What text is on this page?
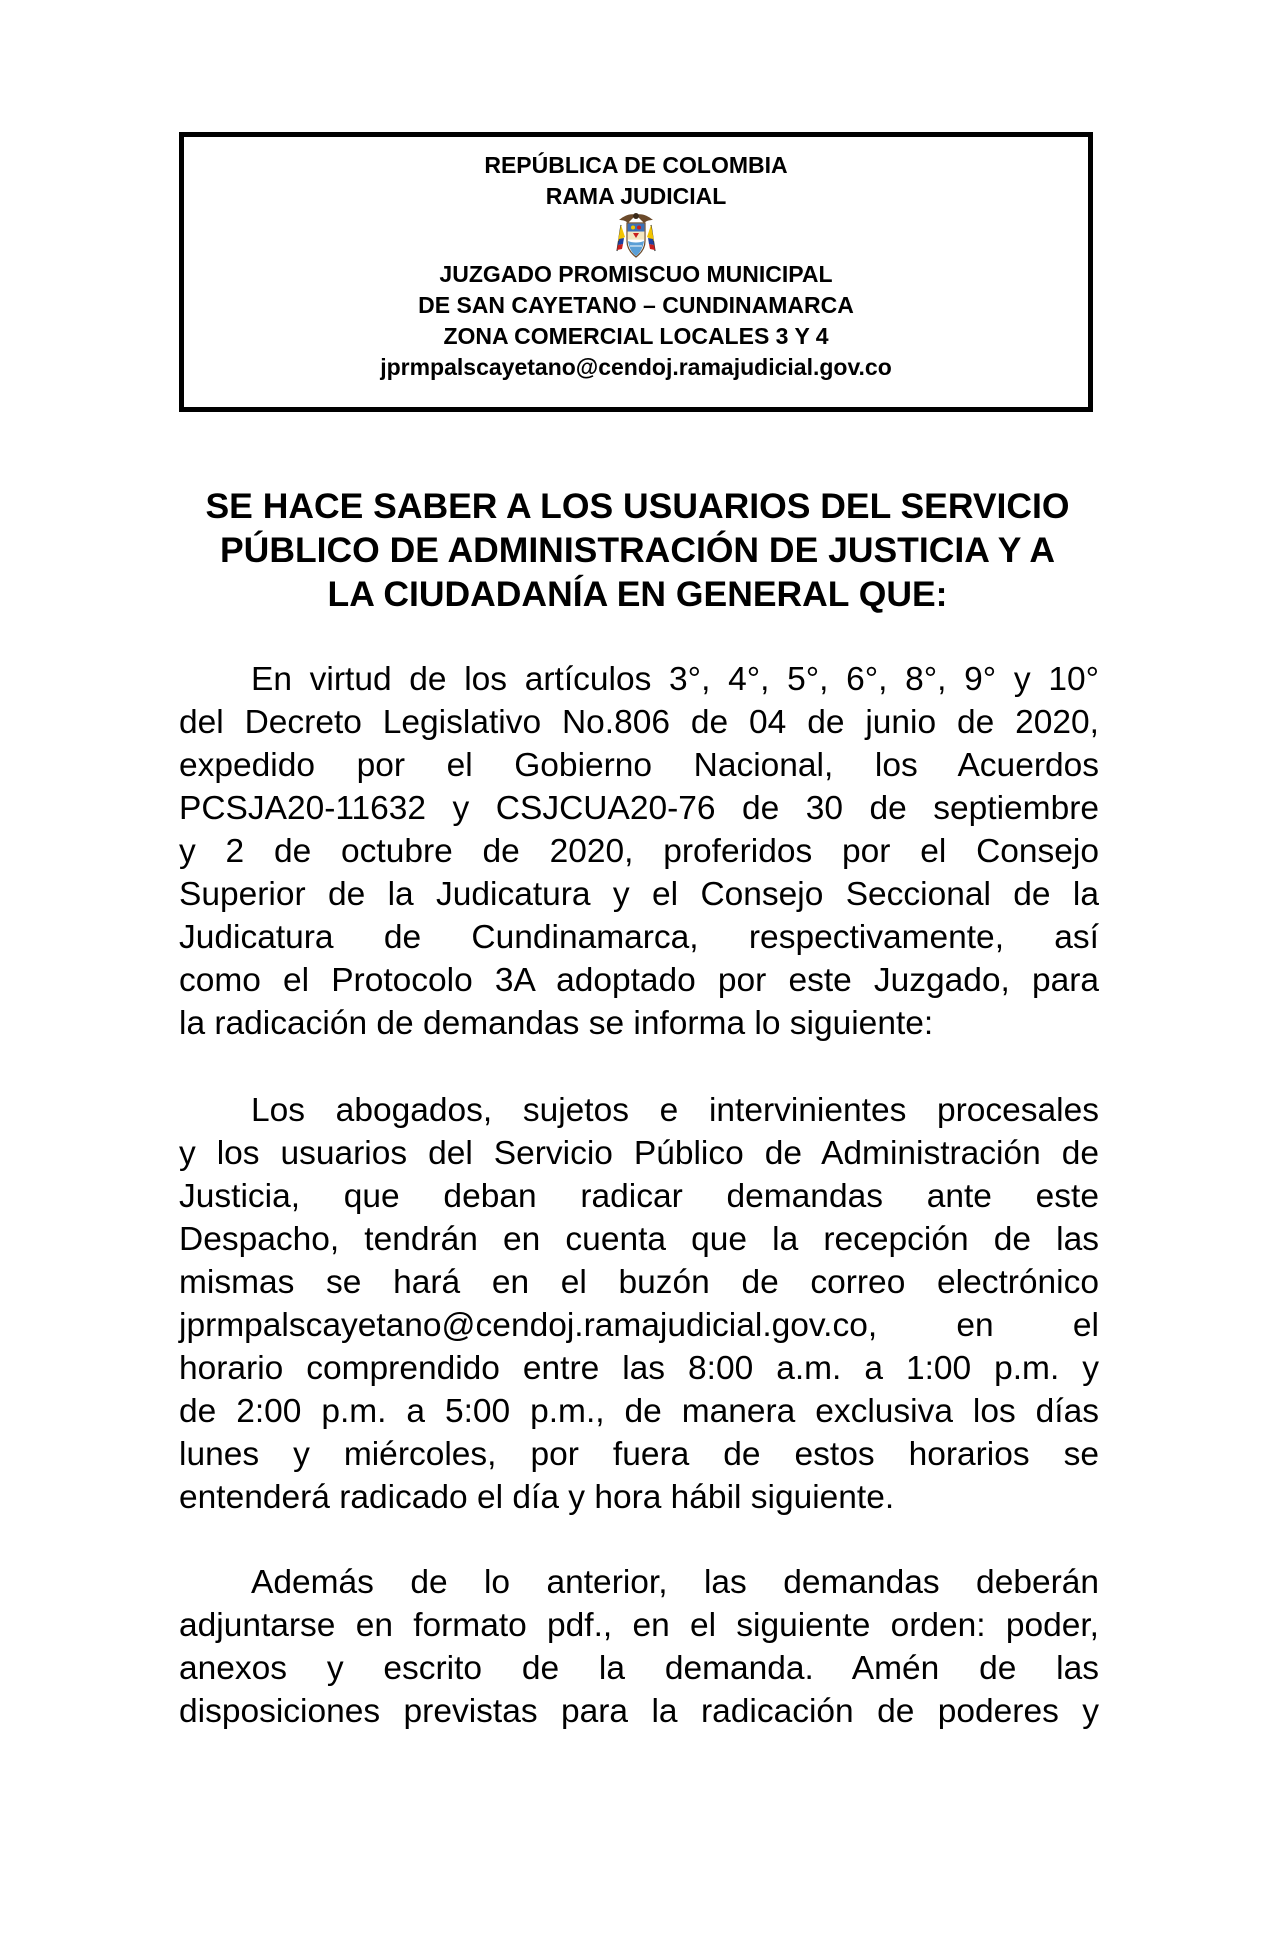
REPÚBLICA DE COLOMBIA
RAMA JUDICIAL
JUZGADO PROMISCUO MUNICIPAL
DE SAN CAYETANO – CUNDINAMARCA
ZONA COMERCIAL LOCALES 3 Y 4
jprmpalscayetano@cendoj.ramajudicial.gov.co
SE HACE SABER A LOS USUARIOS DEL SERVICIO
PÚBLICO DE ADMINISTRACIÓN DE JUSTICIA Y A
LA CIUDADANÍA EN GENERAL QUE:
En virtud de los artículos 3°, 4°, 5°, 6°, 8°, 9° y 10°
del Decreto Legislativo No.806 de 04 de junio de 2020,
expedido por el Gobierno Nacional, los Acuerdos
PCSJA20-11632 y CSJCUA20-76 de 30 de septiembre
y 2 de octubre de 2020, proferidos por el Consejo
Superior de la Judicatura y el Consejo Seccional de la
Judicatura de Cundinamarca, respectivamente, así
como el Protocolo 3A adoptado por este Juzgado, para
la radicación de demandas se informa lo siguiente:
Los abogados, sujetos e intervinientes procesales
y los usuarios del Servicio Público de Administración de
Justicia, que deban radicar demandas ante este
Despacho, tendrán en cuenta que la recepción de las
mismas se hará en el buzón de correo electrónico
jprmpalscayetano@cendoj.ramajudicial.gov.co, en el
horario comprendido entre las 8:00 a.m. a 1:00 p.m. y
de 2:00 p.m. a 5:00 p.m., de manera exclusiva los días
lunes y miércoles, por fuera de estos horarios se
entenderá radicado el día y hora hábil siguiente.
Además de lo anterior, las demandas deberán
adjuntarse en formato pdf., en el siguiente orden: poder,
anexos y escrito de la demanda. Amén de las
disposiciones previstas para la radicación de poderes y
